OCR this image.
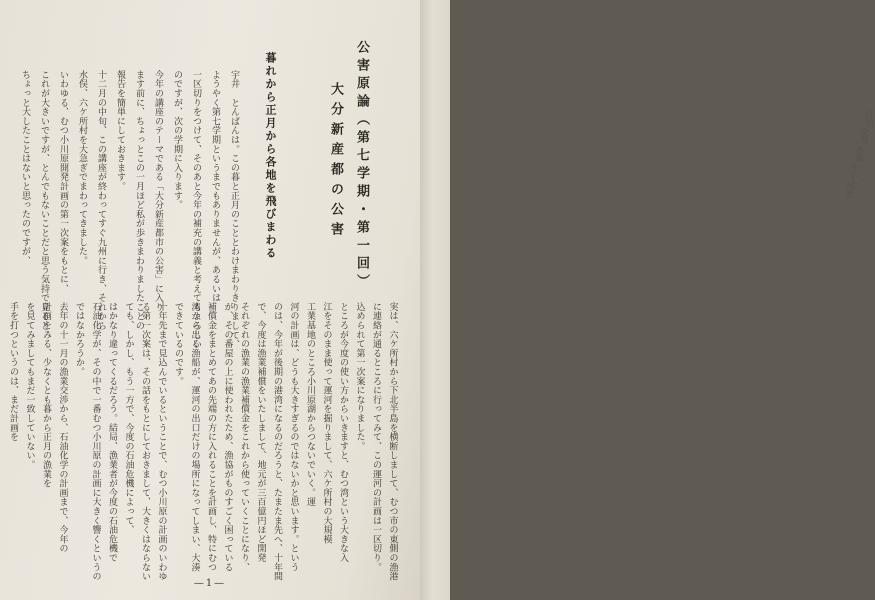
公害原論（第七学期・第一回）
大分新産都の公害
暮れから正月から各地を飛びまわる
宇井　とんばんは。この暮と正月のこととわけまわりきりまして、
ようやく第七学期というまでもありませんが、あるいは
一区切りをつけて、そのあと今年の補充の講義と考えてもよろしい
のですが、次の学期に入ります。
今年の講座のテーマである「大分新産都市の公害」に入り
ます前に、ちょっとこの一月ほど私が歩きまわりましたことの
報告を簡単にしておきます。
十二月の中旬、この講座が終わってすぐ九州に行き、それから
水俣、六ケ所村を大急ぎでまわってきました。
いわゆる、むつ小川原開発計画の第一次案をもとに、
これが大きいですが、とんでもないことだと思う気持で見ると、
ちょっと大したことはないと思ったのですが、
実は、六ケ所村から下北半島を横断しまして、むつ市の東側の漁港
に連絡が通るところに行ってみて、この運河の計画は一区切り。
込められて第一次案になりました。
ところが今度の使い方からいきますと、むつ湾という大きな入
江をそのまま使って運河を掘りまして、六ケ所村の大規模
工業基地のところ小川原湖からつないでいく。運
河の計画は、どうも大きすぎるのではないかと思います。という
のは、今年が後期の港湾になるのだろうと、たまたま先へ、十年間
で、今度は漁業補償をいたしまして、地元が三百億円ほど開発
それぞれの漁業の漁業補償金をこれから使っていくことになり、
が、その番屋の上に使われたため、漁協がものすごく困っている
補償金をまとめてあの先端の方に入れることを計画し、特にむつ
湾から出る漁船が、運河の出口だけの場所になってしまい、大湊
できているのです。
十年先まで見込んでいるということで、むつ小川原の計画のいわゆ
る第一次案は、その話をもとにしておきまして、大きくはならない
ても、しかし、もう一方で、今度の石油危機によって、
はかなり違ってくるだろう。結局、漁業者が今度の石油危機で
石油化学が、その中で一番むつ小川原の計画に大きく響くというの
ではなかろうか。
去年の十一月の漁業交渉から、石油化学の計画まで、今年の
計画をみる、少なくとも暮から正月の漁業を
を見てみましてもまだ一致していない。
手を打つというのは、まだ計画を
—1—
月刊
次号
各地
ていた
ただ
